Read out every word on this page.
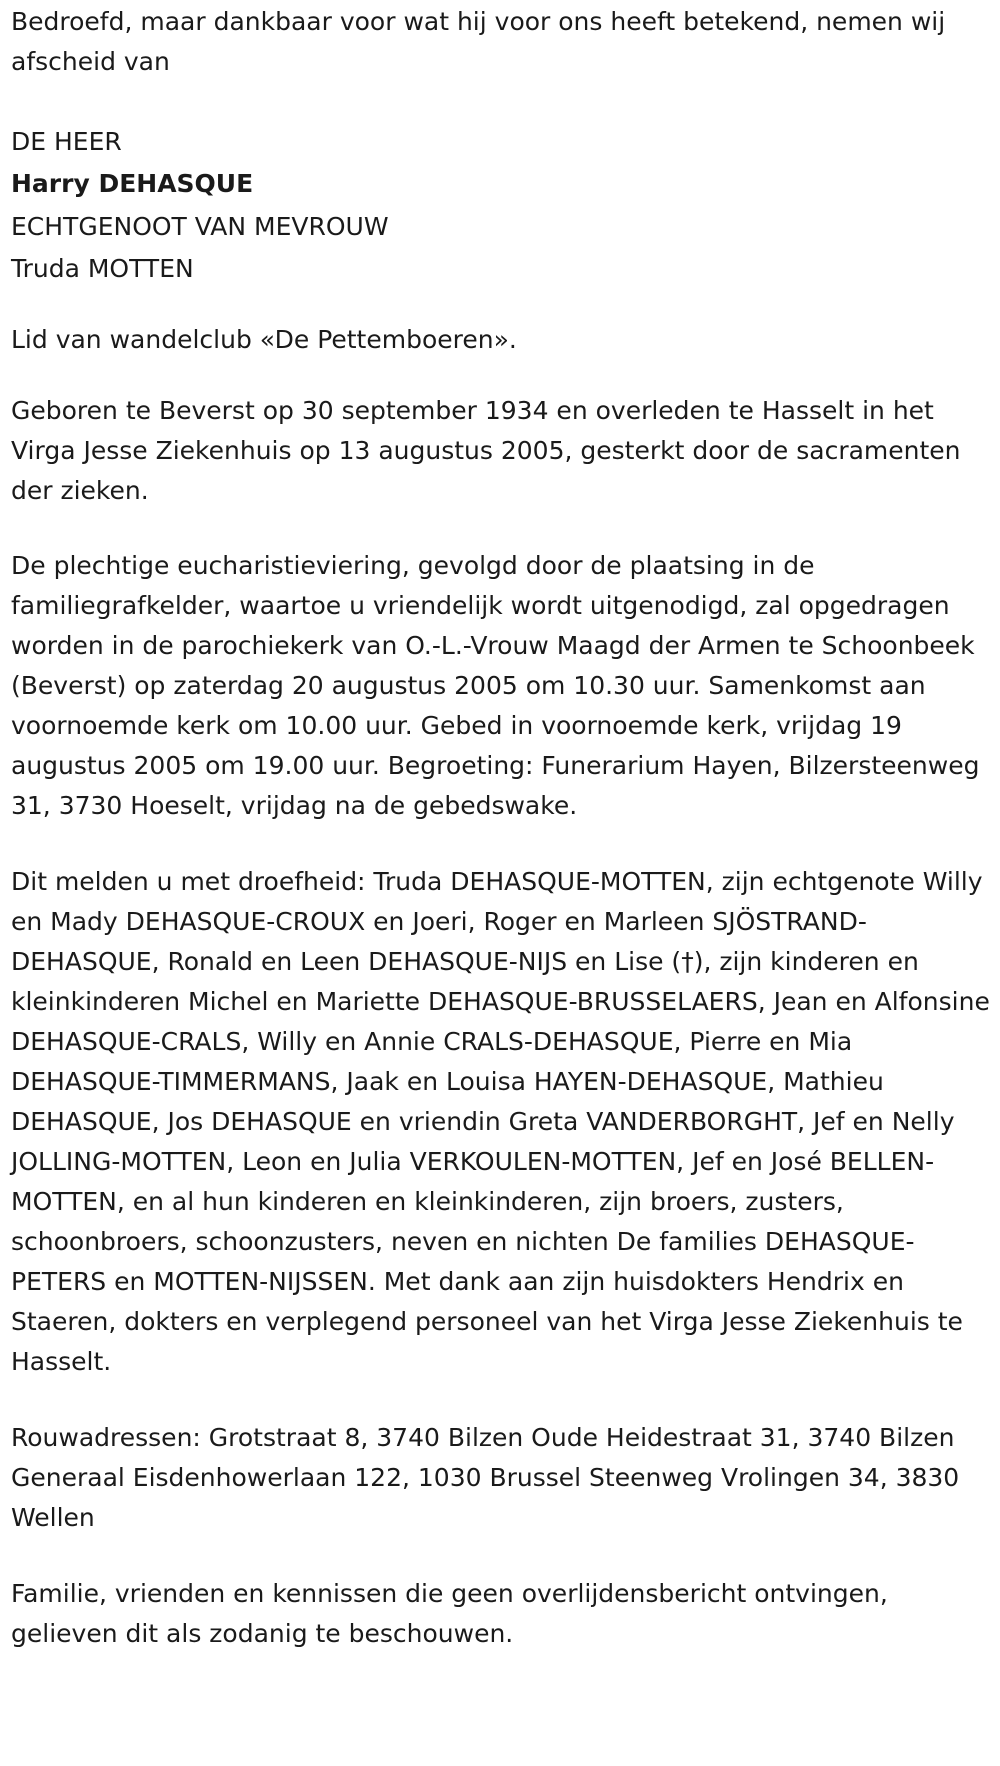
Bedroefd, maar dankbaar voor wat hij voor ons heeft betekend, nemen wij afscheid van

DE HEER
Harry DEHASQUE
ECHTGENOOT VAN MEVROUW
Truda MOTTEN

Lid van wandelclub «De Pettemboeren».

Geboren te Beverst op 30 september 1934 en overleden te Hasselt in het Virga Jesse Ziekenhuis op 13 augustus 2005, gesterkt door de sacramenten der zieken.

De plechtige eucharistieviering, gevolgd door de plaatsing in de familiegrafkelder, waartoe u vriendelijk wordt uitgenodigd, zal opgedragen worden in de parochiekerk van O.-L.-Vrouw Maagd der Armen te Schoonbeek (Beverst) op zaterdag 20 augustus 2005 om 10.30 uur. Samenkomst aan voornoemde kerk om 10.00 uur. Gebed in voornoemde kerk, vrijdag 19 augustus 2005 om 19.00 uur. Begroeting: Funerarium Hayen, Bilzersteenweg 31, 3730 Hoeselt, vrijdag na de gebedswake.

Dit melden u met droefheid: Truda DEHASQUE-MOTTEN, zijn echtgenote Willy en Mady DEHASQUE-CROUX en Joeri, Roger en Marleen SJÖSTRAND-DEHASQUE, Ronald en Leen DEHASQUE-NIJS en Lise (†), zijn kinderen en kleinkinderen Michel en Mariette DEHASQUE-BRUSSELAERS, Jean en Alfonsine DEHASQUE-CRALS, Willy en Annie CRALS-DEHASQUE, Pierre en Mia DEHASQUE-TIMMERMANS, Jaak en Louisa HAYEN-DEHASQUE, Mathieu DEHASQUE, Jos DEHASQUE en vriendin Greta VANDERBORGHT, Jef en Nelly JOLLING-MOTTEN, Leon en Julia VERKOULEN-MOTTEN, Jef en José BELLEN-MOTTEN, en al hun kinderen en kleinkinderen, zijn broers, zusters, schoonbroers, schoonzusters, neven en nichten De families DEHASQUE-PETERS en MOTTEN-NIJSSEN. Met dank aan zijn huisdokters Hendrix en Staeren, dokters en verplegend personeel van het Virga Jesse Ziekenhuis te Hasselt.

Rouwadressen: Grotstraat 8, 3740 Bilzen Oude Heidestraat 31, 3740 Bilzen Generaal Eisdenhowerlaan 122, 1030 Brussel Steenweg Vrolingen 34, 3830 Wellen

Familie, vrienden en kennissen die geen overlijdensbericht ontvingen, gelieven dit als zodanig te beschouwen.
